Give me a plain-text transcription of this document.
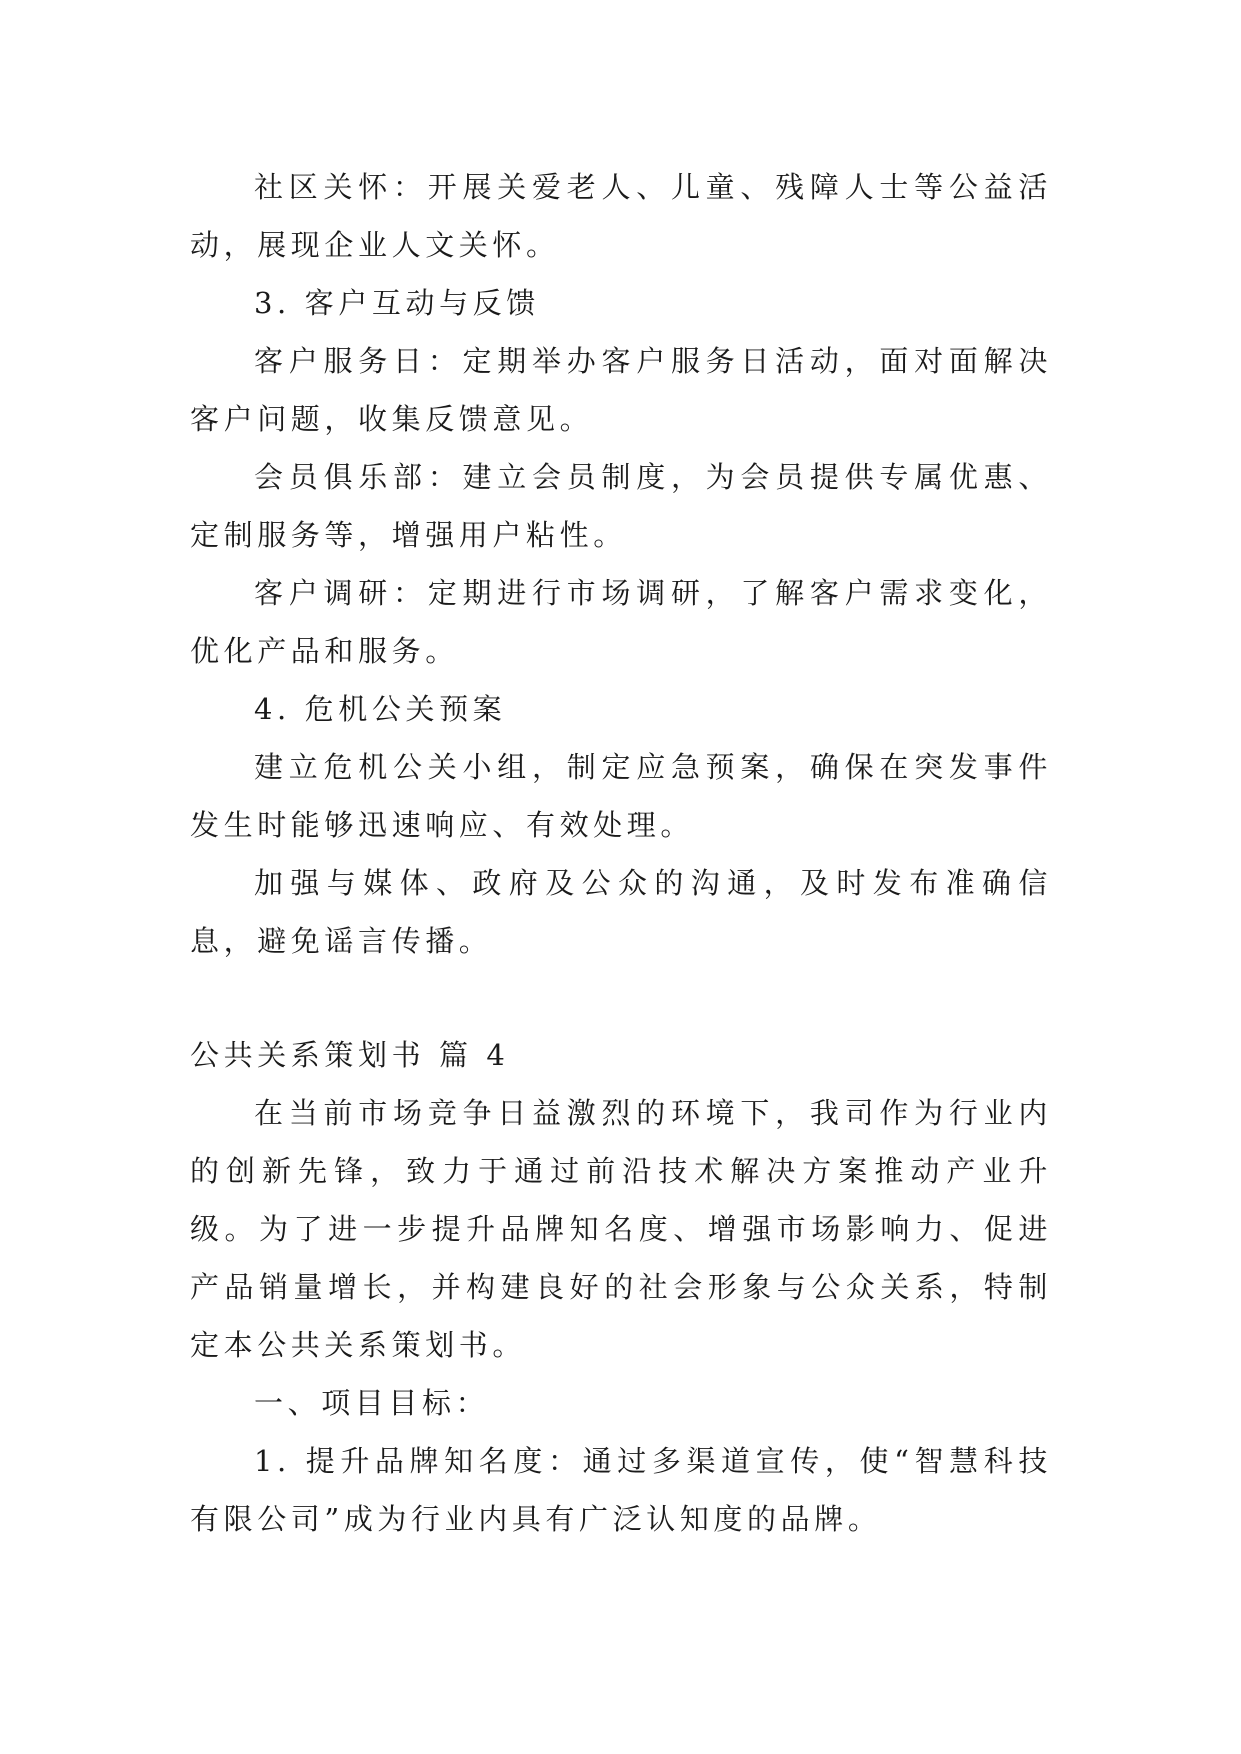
社区关怀：开展关爱老人、儿童、残障人士等公益活动，展现企业人文关怀。

3. 客户互动与反馈

客户服务日：定期举办客户服务日活动，面对面解决客户问题，收集反馈意见。

会员俱乐部：建立会员制度，为会员提供专属优惠、定制服务等，增强用户粘性。

客户调研：定期进行市场调研，了解客户需求变化，优化产品和服务。

4. 危机公关预案

建立危机公关小组，制定应急预案，确保在突发事件发生时能够迅速响应、有效处理。

加强与媒体、政府及公众的沟通，及时发布准确信息，避免谣言传播。

公共关系策划书 篇 4

在当前市场竞争日益激烈的环境下，我司作为行业内的创新先锋，致力于通过前沿技术解决方案推动产业升级。为了进一步提升品牌知名度、增强市场影响力、促进产品销量增长，并构建良好的社会形象与公众关系，特制定本公共关系策划书。

一、项目目标：

1. 提升品牌知名度：通过多渠道宣传，使“智慧科技有限公司”成为行业内具有广泛认知度的品牌。
